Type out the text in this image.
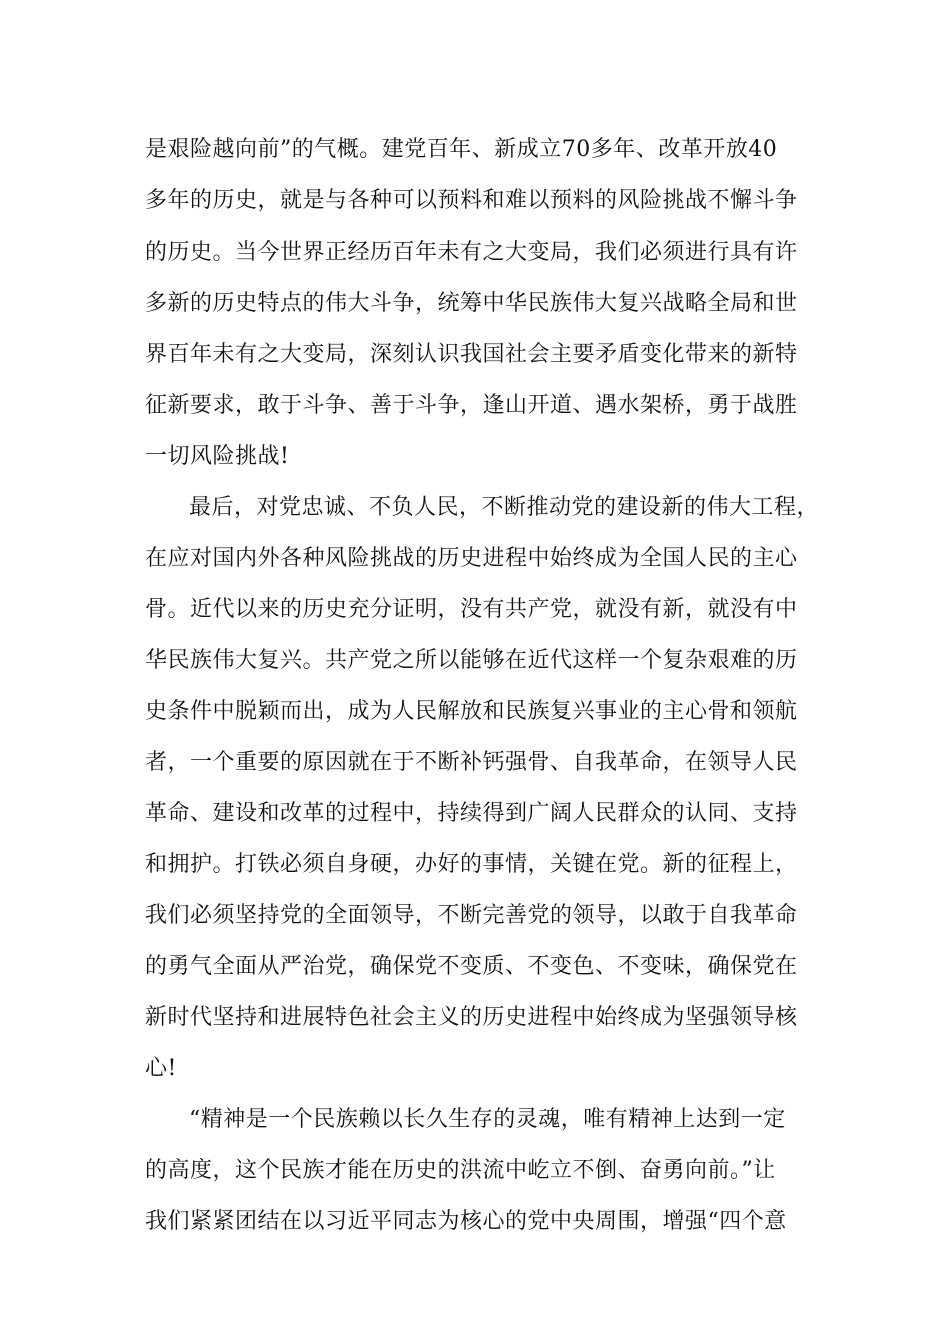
是艰险越向前”的气概。建党百年、新成立70多年、改革开放40
多年的历史，就是与各种可以预料和难以预料的风险挑战不懈斗争
的历史。当今世界正经历百年未有之大变局，我们必须进行具有许
多新的历史特点的伟大斗争，统筹中华民族伟大复兴战略全局和世
界百年未有之大变局，深刻认识我国社会主要矛盾变化带来的新特
征新要求，敢于斗争、善于斗争，逢山开道、遇水架桥，勇于战胜
一切风险挑战!
最后，对党忠诚、不负人民，不断推动党的建设新的伟大工程，
在应对国内外各种风险挑战的历史进程中始终成为全国人民的主心
骨。近代以来的历史充分证明，没有共产党，就没有新，就没有中
华民族伟大复兴。共产党之所以能够在近代这样一个复杂艰难的历
史条件中脱颖而出，成为人民解放和民族复兴事业的主心骨和领航
者，一个重要的原因就在于不断补钙强骨、自我革命，在领导人民
革命、建设和改革的过程中，持续得到广阔人民群众的认同、支持
和拥护。打铁必须自身硬，办好的事情，关键在党。新的征程上，
我们必须坚持党的全面领导，不断完善党的领导，以敢于自我革命
的勇气全面从严治党，确保党不变质、不变色、不变味，确保党在
新时代坚持和进展特色社会主义的历史进程中始终成为坚强领导核
心!
“精神是一个民族赖以长久生存的灵魂，唯有精神上达到一定
的高度，这个民族才能在历史的洪流中屹立不倒、奋勇向前。”让
我们紧紧团结在以习近平同志为核心的党中央周围，增强“四个意
